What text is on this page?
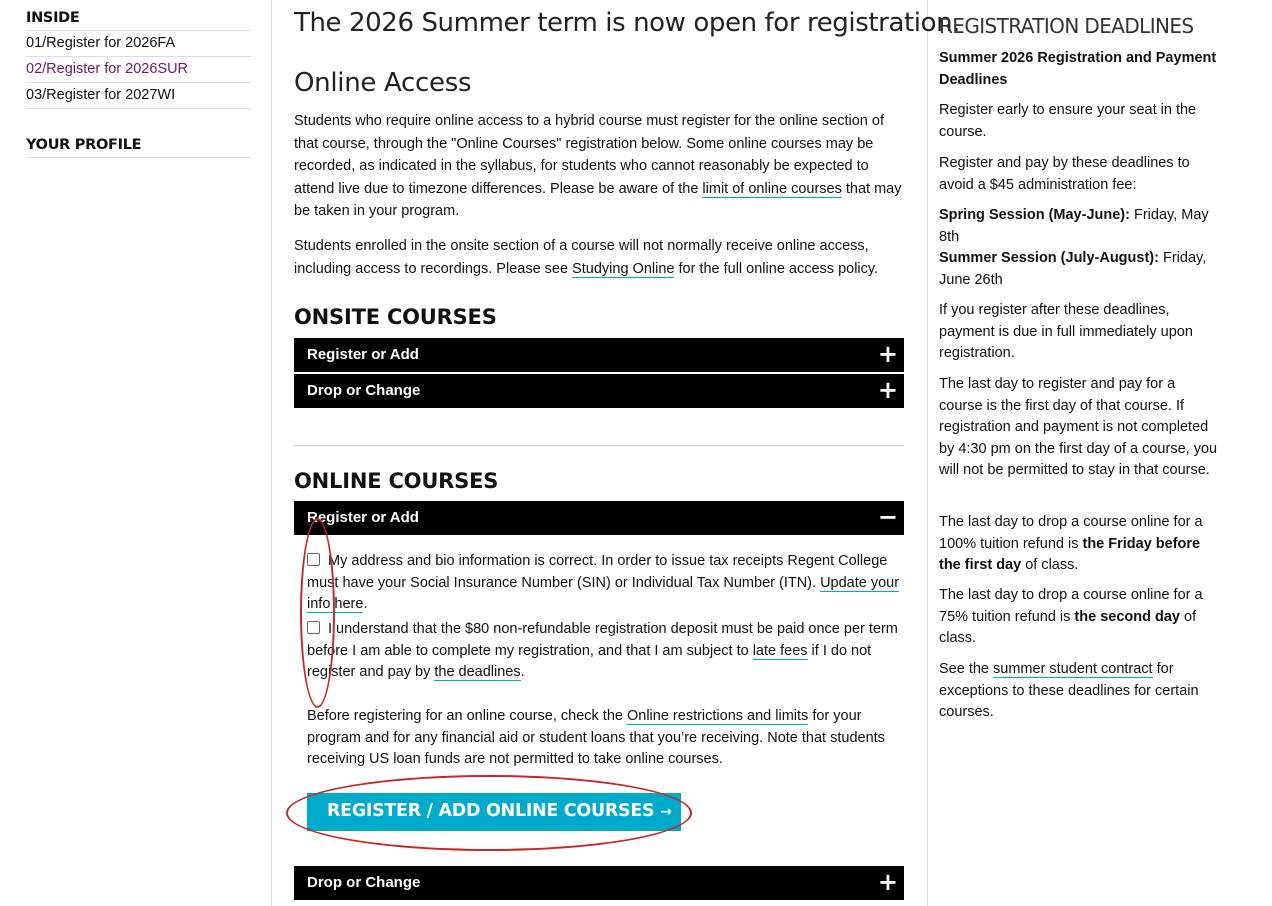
INSIDE
01/Register for 2026FA
02/Register for 2026SUR
03/Register for 2027WI
YOUR PROFILE
The 2026 Summer term is now open for registration.
Online Access
Students who require online access to a hybrid course must register for the online section of that course, through the "Online Courses" registration below. Some online courses may be recorded, as indicated in the syllabus, for students who cannot reasonably be expected to attend live due to timezone differences. Please be aware of the limit of online courses that may be taken in your program.
Students enrolled in the onsite section of a course will not normally receive online access, including access to recordings. Please see Studying Online for the full online access policy.
ONSITE COURSES
Register or Add	+
Drop or Change	+
ONLINE COURSES
Register or Add	−
My address and bio information is correct. In order to issue tax receipts Regent College must have your Social Insurance Number (SIN) or Individual Tax Number (ITN). Update your info here.
I understand that the $80 non-refundable registration deposit must be paid once per term before I am able to complete my registration, and that I am subject to late fees if I do not register and pay by the deadlines.
Before registering for an online course, check the Online restrictions and limits for your program and for any financial aid or student loans that you’re receiving. Note that students receiving US loan funds are not permitted to take online courses.
REGISTER / ADD ONLINE COURSES →
Drop or Change	+
REGISTRATION DEADLINES
Summer 2026 Registration and Payment Deadlines
Register early to ensure your seat in the course.
Register and pay by these deadlines to avoid a $45 administration fee:
Spring Session (May-June): Friday, May 8th
Summer Session (July-August): Friday, June 26th
If you register after these deadlines, payment is due in full immediately upon registration.
The last day to register and pay for a course is the first day of that course. If registration and payment is not completed by 4:30 pm on the first day of a course, you will not be permitted to stay in that course.
The last day to drop a course online for a 100% tuition refund is the Friday before the first day of class.
The last day to drop a course online for a 75% tuition refund is the second day of class.
See the summer student contract for exceptions to these deadlines for certain courses.
